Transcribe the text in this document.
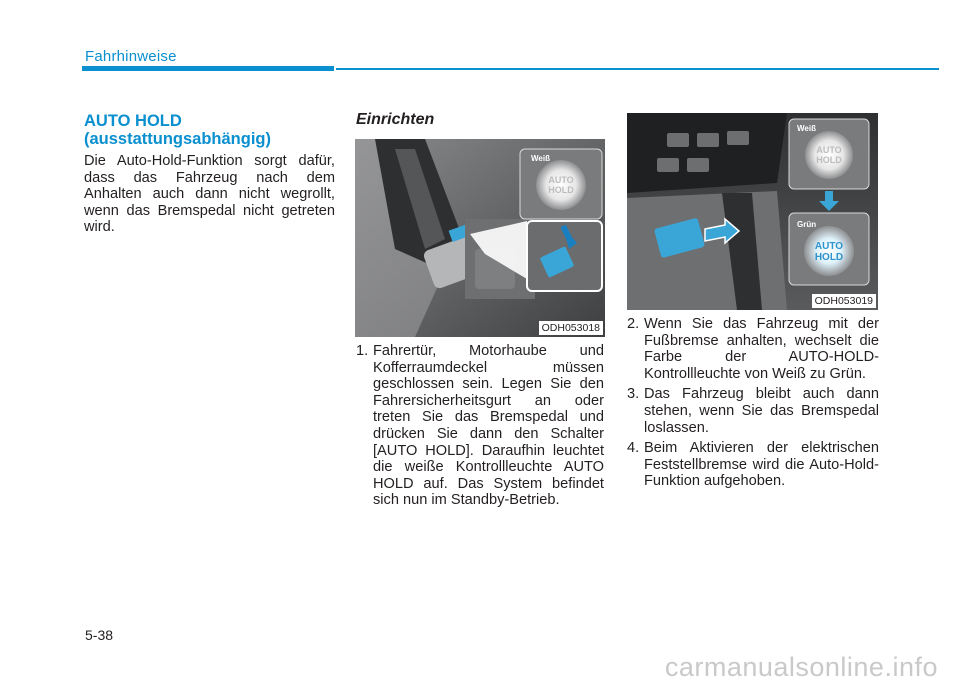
Fahrhinweise
AUTO HOLD
(ausstattungsabhängig)
Die Auto-Hold-Funktion sorgt dafür, dass das Fahrzeug nach dem Anhalten auch dann nicht wegrollt, wenn das Bremspedal nicht getreten wird.
Einrichten
Weiß
AUTO
HOLD
ODH053018
1. Fahrertür, Motorhaube und Kofferraumdeckel müssen geschlossen sein. Legen Sie den Fahrersicherheitsgurt an oder treten Sie das Bremspedal und drücken Sie dann den Schalter [AUTO HOLD]. Daraufhin leuchtet die weiße Kontrollleuchte AUTO HOLD auf. Das System befindet sich nun im Standby-Betrieb.
Weiß
AUTO
HOLD
Grün
AUTO
HOLD
ODH053019
2. Wenn Sie das Fahrzeug mit der Fußbremse anhalten, wechselt die Farbe der AUTO-HOLD-Kontrollleuchte von Weiß zu Grün.
3. Das Fahrzeug bleibt auch dann stehen, wenn Sie das Bremspedal loslassen.
4. Beim Aktivieren der elektrischen Feststellbremse wird die Auto-Hold-Funktion aufgehoben.
5-38
carmanualsonline.info
